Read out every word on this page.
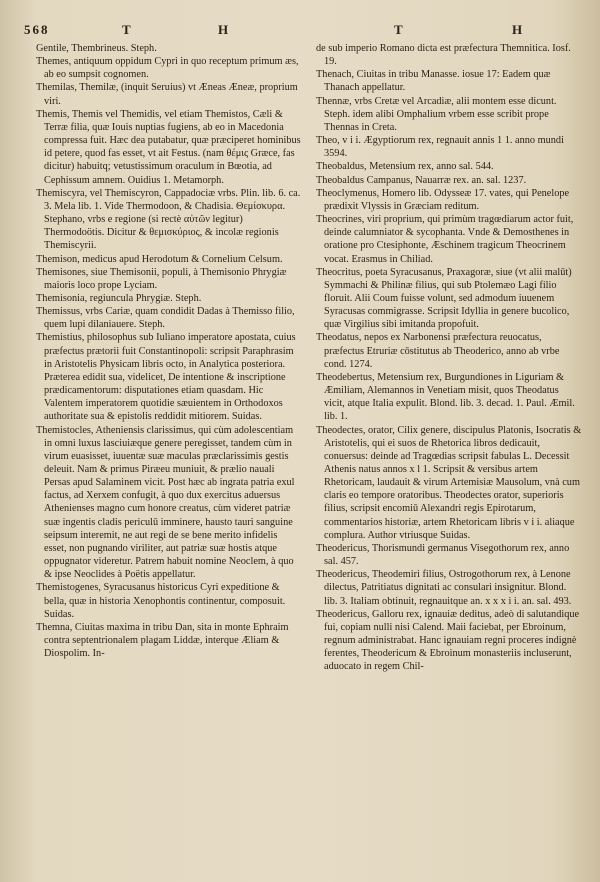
568	T	H	T	H

Gentile, Thembrineus. Steph.

Themes, antiquum oppidum Cypri in quo receptum primum æs, ab eo sumpsit cognomen.

Themilas, Themilæ, (inquit Seruius) vt Æneas Æneæ, proprium viri.

Themis, Themis vel Themidis, vel etiam Themistos, Cæli & Terræ filia, quæ Iouis nuptias fugiens, ab eo in Macedonia compressa fuit. Hæc dea putabatur, quæ præciperet hominibus id petere, quod fas esset, vt ait Festus. (nam θέμις Græce, fas dicitur) habuitq; vetustissimum oraculum in Bœotia, ad Cephissum amnem. Ouidius 1. Metamorph.

Themiscyra, vel Themiscyron, Cappadociæ vrbs. Plin. lib. 6. ca. 3. Mela lib. 1. Vide Thermodoon, & Chadisia. Θεμίσκυρα. Stephano, vrbs e regione (si rectè αὐτῶν legitur) Thermodoötis. Dicitur & θεμισκύριος, & incolæ regionis Themiscyrii.

Themison, medicus apud Herodotum & Cornelium Celsum.

Themisones, siue Themisonii, populi, à Themisonio Phrygiæ maioris loco prope Lyciam.

Themisonia, regiuncula Phrygiæ. Steph.

Themissus, vrbs Cariæ, quam condidit Dadas à Themisso filio, quem lupi dilaniauere. Steph.

Themistius, philosophus sub Iuliano imperatore apostata, cuius præfectus prætorii fuit Constantinopoli: scripsit Paraphrasim in Aristotelis Physicam libris octo, in Analytica posteriora. Præterea edidit sua, videlicet, De intentione & inscriptione prædicamentorum: disputationes etiam quasdam. Hic Valentem imperatorem quotidie sæuientem in Orthodoxos authoritate sua & epistolis reddidit mitiorem. Suidas.

Themistocles, Atheniensis clarissimus, qui cùm adolescentiam in omni luxus lasciuiæque genere peregisset, tandem cùm in virum euasisset, iuuentæ suæ maculas præclarissimis gestis deleuit. Nam & primus Piræeu muniuit, & prælio nauali Persas apud Salaminem vicit. Post hæc ab ingrata patria exul factus, ad Xerxem confugit, à quo dux exercitus aduersus Athenienses magno cum honore creatus, cùm videret patriæ suæ ingentis cladis periculū imminere, haustо tauri sanguine seipsum interemit, ne aut regi de se bene merito infidelis esset, non pugnando viriliter, aut patriæ suæ hostis atque oppugnator videretur. Patrem habuit nomine Neoclem, à quo & ipse Neoclides à Poëtis appellatur.

Themistogenes, Syracusanus historicus Cyri expeditione & bella, quæ in historia Xenophontis continentur, composuit. Suidas.

Themna, Ciuitas maxima in tribu Dan, sita in monte Ephraim contra septentrionalem plagam Liddæ, interque Æliam & Diospolim. In-

de sub imperio Romano dicta est præfectura Themnitica. Iosf. 19.

Thenach, Ciuitas in tribu Manasse. iosue 17: Eadem quæ Thanach appellatur.

Thennæ, vrbs Cretæ vel Arcadiæ, alii montem esse dicunt. Steph. idem alibi Omphalium vrbem esse scribit prope Thennas in Creta.

Theo, v i i. Ægyptiorum rex, regnauit annis 1 1. anno mundi 3594.

Theobaldus, Metensium rex, anno sal. 544.

Theobaldus Campanus, Nauarræ rex. an. sal. 1237.

Theoclymenus, Homero lib. Odysseæ 17. vates, qui Penelope prædixit Vlyssis in Græciam reditum.

Theocrines, viri proprium, qui primùm tragœdiarum actor fuit, deinde calumniator & sycophanta. Vnde & Demosthenes in oratione pro Ctesiphonte, Æschinem tragicum Theocrinem vocat. Erasmus in Chiliad.

Theocritus, poeta Syracusanus, Praxagoræ, siue (vt alii malūt) Symmachi & Philinæ filius, qui sub Ptolemæo Lagi filio floruit. Alii Coum fuisse volunt, sed admodum iuuenem Syracusas commigrasse. Scripsit Idyllia in genere bucolico, quæ Virgilius sibi imitanda propofuit.

Theodatus, nepos ex Narbonensi præfectura reuocatus, præfectus Etruriæ cōstitutus ab Theoderico, anno ab vrbe cond. 1274.

Theodebertus, Metensium rex, Burgundiones in Liguriam & Æmiliam, Alemannos in Venetiam misit, quos Theodatus vicit, atque Italia expulit. Blond. lib. 3. decad. 1. Paul. Æmil. lib. 1.

Theodectes, orator, Cilix genere, discipulus Platonis, Isocratis & Aristotelis, qui ei suos de Rhetorica libros dedicauit, conuersus: deinde ad Tragœdias scripsit fabulas L. Decessit Athenis natus annos x l 1. Scripsit & versibus artem Rhetoricam, laudauit & virum Artemisiæ Mausolum, vnà cum claris eo tempore oratoribus. Theodectes orator, superioris filius, scripsit encomiū Alexandri regis Epirotarum, commentarios historiæ, artem Rhetoricam libris v i i. aliaque complura. Author vtriusque Suidas.

Theodericus, Thorismundi germanus Visegothorum rex, anno sal. 457.

Theodericus, Theodemiri filius, Ostrogothorum rex, à Lenone dilectus, Patritiatus dignitati ac consulari insignitur. Blond. lib. 3. Italiam obtinuit, regnauitque an. x x x i i. an. sal. 493.

Theodericus, Galloru rex, ignauiæ deditus, adeò di salutandique fui, copiam nulli nisi Calend. Maii faciebat, per Ebroinum, regnum administrabat. Hanc ignauiam regni proceres indignè ferentes, Theodericum & Ebroinum monasteriis incluserunt, aduocato in regem Chil-
